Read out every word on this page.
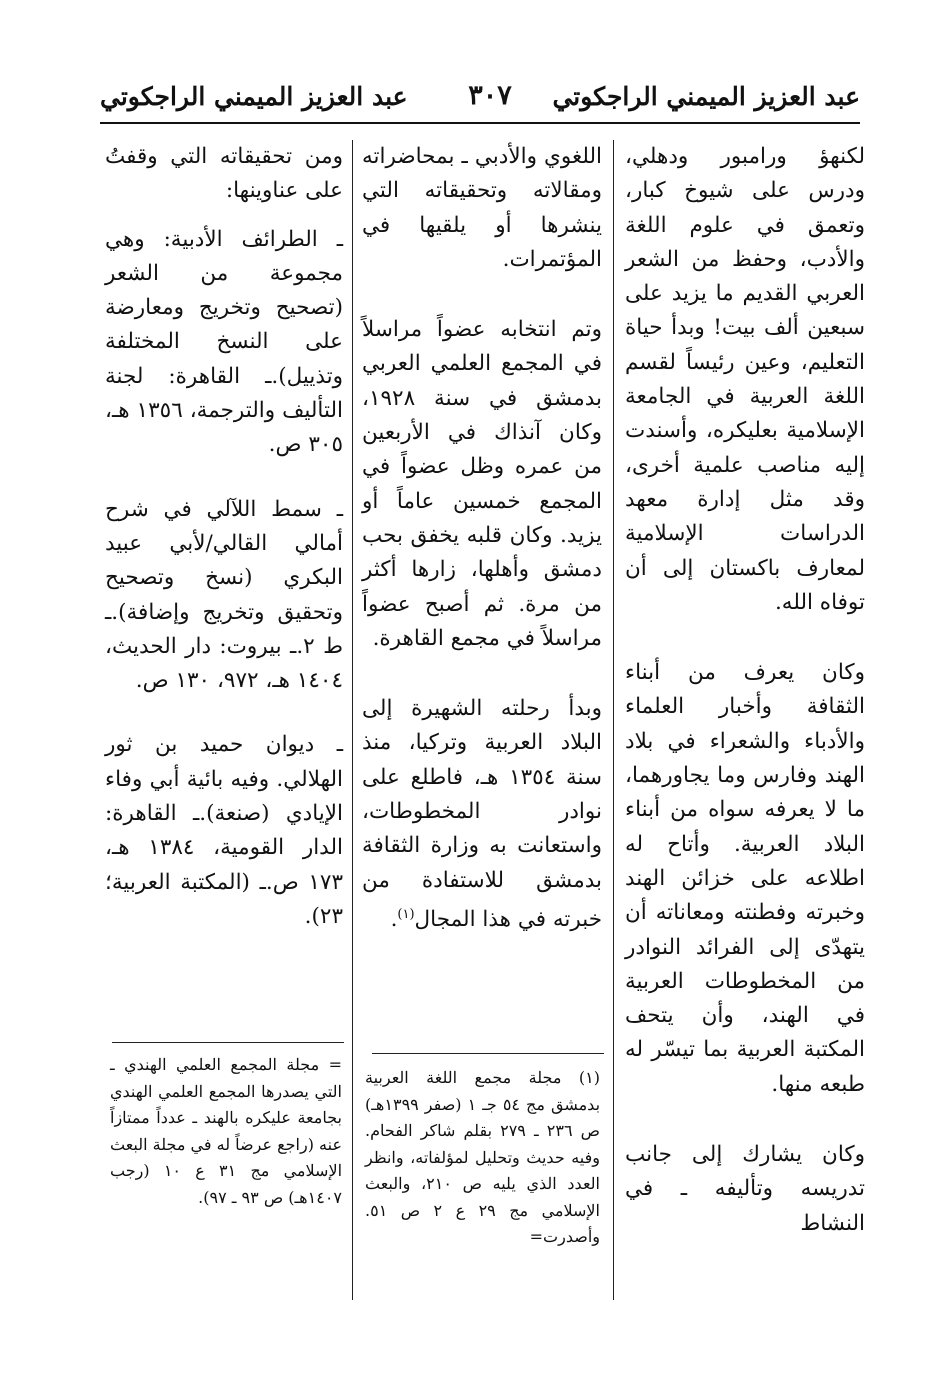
عبد العزيز الميمني الراجكوتي
٣٠٧
عبد العزيز الميمني الراجكوتي

لكنهؤ ورامبور ودهلي، ودرس على شيوخ كبار، وتعمق في علوم اللغة والأدب، وحفظ من الشعر العربي القديم ما يزيد على سبعين ألف بيت! وبدأ حياة التعليم، وعين رئيساً لقسم اللغة العربية في الجامعة الإسلامية بعليكره، وأسندت إليه مناصب علمية أخرى، وقد مثل إدارة معهد الدراسات الإسلامية لمعارف باكستان إلى أن توفاه الله.

وكان يعرف من أبناء الثقافة وأخبار العلماء والأدباء والشعراء في بلاد الهند وفارس وما يجاورهما، ما لا يعرفه سواه من أبناء البلاد العربية. وأتاح له اطلاعه على خزائن الهند وخبرته وفطنته ومعاناته أن يتهدّى إلى الفرائد النوادر من المخطوطات العربية في الهند، وأن يتحف المكتبة العربية بما تيسّر له طبعه منها.

وكان يشارك إلى جانب تدريسه وتأليفه ـ في النشاط

اللغوي والأدبي ـ بمحاضراته ومقالاته وتحقيقاته التي ينشرها أو يلقيها في المؤتمرات.

وتم انتخابه عضواً مراسلاً في المجمع العلمي العربي بدمشق في سنة ١٩٢٨، وكان آنذاك في الأربعين من عمره وظل عضواً في المجمع خمسين عاماً أو يزيد. وكان قلبه يخفق بحب دمشق وأهلها، زارها أكثر من مرة. ثم أصبح عضواً مراسلاً في مجمع القاهرة.

وبدأ رحلته الشهيرة إلى البلاد العربية وتركيا، منذ سنة ١٣٥٤ هـ، فاطلع على نوادر المخطوطات، واستعانت به وزارة الثقافة بدمشق للاستفادة من خبرته في هذا المجال$^{(١)}$.

ومن تحقيقاته التي وقفتُ على عناوينها:

ـ الطرائف الأدبية: وهي مجموعة من الشعر (تصحيح وتخريج ومعارضة على النسخ المختلفة وتذييل).ـ القاهرة: لجنة التأليف والترجمة، ١٣٥٦ هـ، ٣٠٥ ص.

ـ سمط اللآلي في شرح أمالي القالي/لأبي عبيد البكري (نسخ وتصحيح وتحقيق وتخريج وإضافة).ـ ط ٢.ـ بيروت: دار الحديث، ١٤٠٤ هـ، ٩٧٢، ١٣٠ ص.

ـ ديوان حميد بن ثور الهلالي. وفيه بائية أبي وفاء الإيادي (صنعة).ـ القاهرة: الدار القومية، ١٣٨٤ هـ، ١٧٣ ص.ـ (المكتبة العربية؛ ٢٣).

(١) مجلة مجمع اللغة العربية بدمشق مج ٥٤ جـ ١ (صفر ١٣٩٩هـ) ص ٢٣٦ ـ ٢٧٩ بقلم شاكر الفحام. وفيه حديث وتحليل لمؤلفاته، وانظر العدد الذي يليه ص ٢١٠، والبعث الإسلامي مج ٢٩ ع ٢ ص ٥١. وأصدرت=

= مجلة المجمع العلمي الهندي ـ التي يصدرها المجمع العلمي الهندي بجامعة عليكره بالهند ـ عدداً ممتازاً عنه (راجع عرضاً له في مجلة البعث الإسلامي مج ٣١ ع ١٠ (رجب ١٤٠٧هـ) ص ٩٣ ـ ٩٧).
